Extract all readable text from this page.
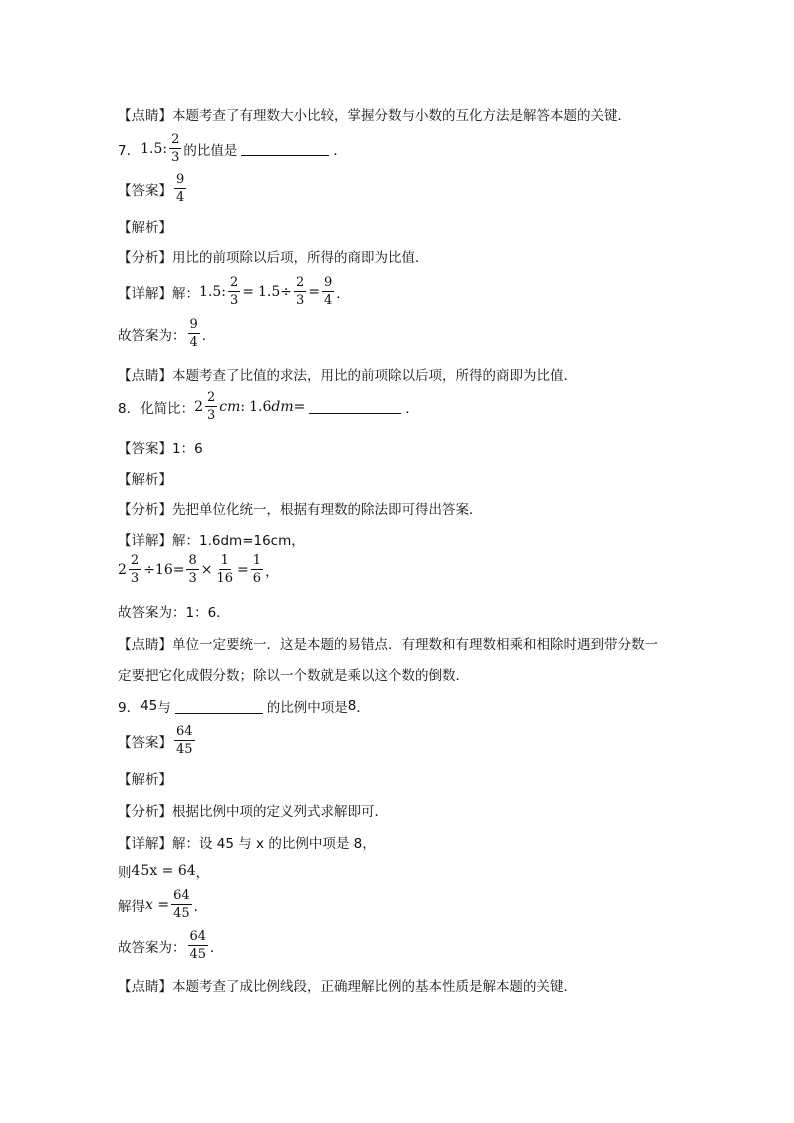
【点睛】 本题考查了有理数大小比较，掌握分数与小数的互化方法是解答本题的关键．
7． 1.5 : $\frac{2}{3}$ 的比值是	．
【答案】 $\frac{9}{4}$
【解析】
【分析】 用比的前项除以后项，所得的商即为比值．
【详解】 解： 1.5 : $\frac{2}{3} = 1.5 \div \frac{2}{3} = \frac{9}{4}$ ．
故答案为： $\frac{9}{4}$ ．
【点睛】 本题考查了比值的求法，用比的前项除以后项，所得的商即为比值．
8． 化简比： $2 \frac{2}{3}$ cm : 1.6 dm =	．
【答案】 1：6
【解析】
【分析】 先把单位化统一，根据有理数的除法即可得出答案．
【详解】 解：1.6dm=16cm，
$2 \frac{2}{3} \div 16 = \frac{8}{3} \times \frac{1}{16} = \frac{1}{6}$ ，
故答案为：1：6．
【点睛】 单位一定要统一．这是本题的易错点．有理数和有理数相乘和相除时遇到带分数一
定要把它化成假分数；除以一个数就是乘以这个数的倒数．
9． 45 与	的比例中项是 8 ．
【答案】 $\frac{64}{45}$
【解析】
【分析】 根据比例中项的定义列式求解即可．
【详解】 解：设 45 与 x 的比例中项是 8，
则 45x = 64 ，
解得 $x = \frac{64}{45}$ ．
故答案为： $\frac{64}{45}$ ．
【点睛】 本题考查了成比例线段，正确理解比例的基本性质是解本题的关键．
